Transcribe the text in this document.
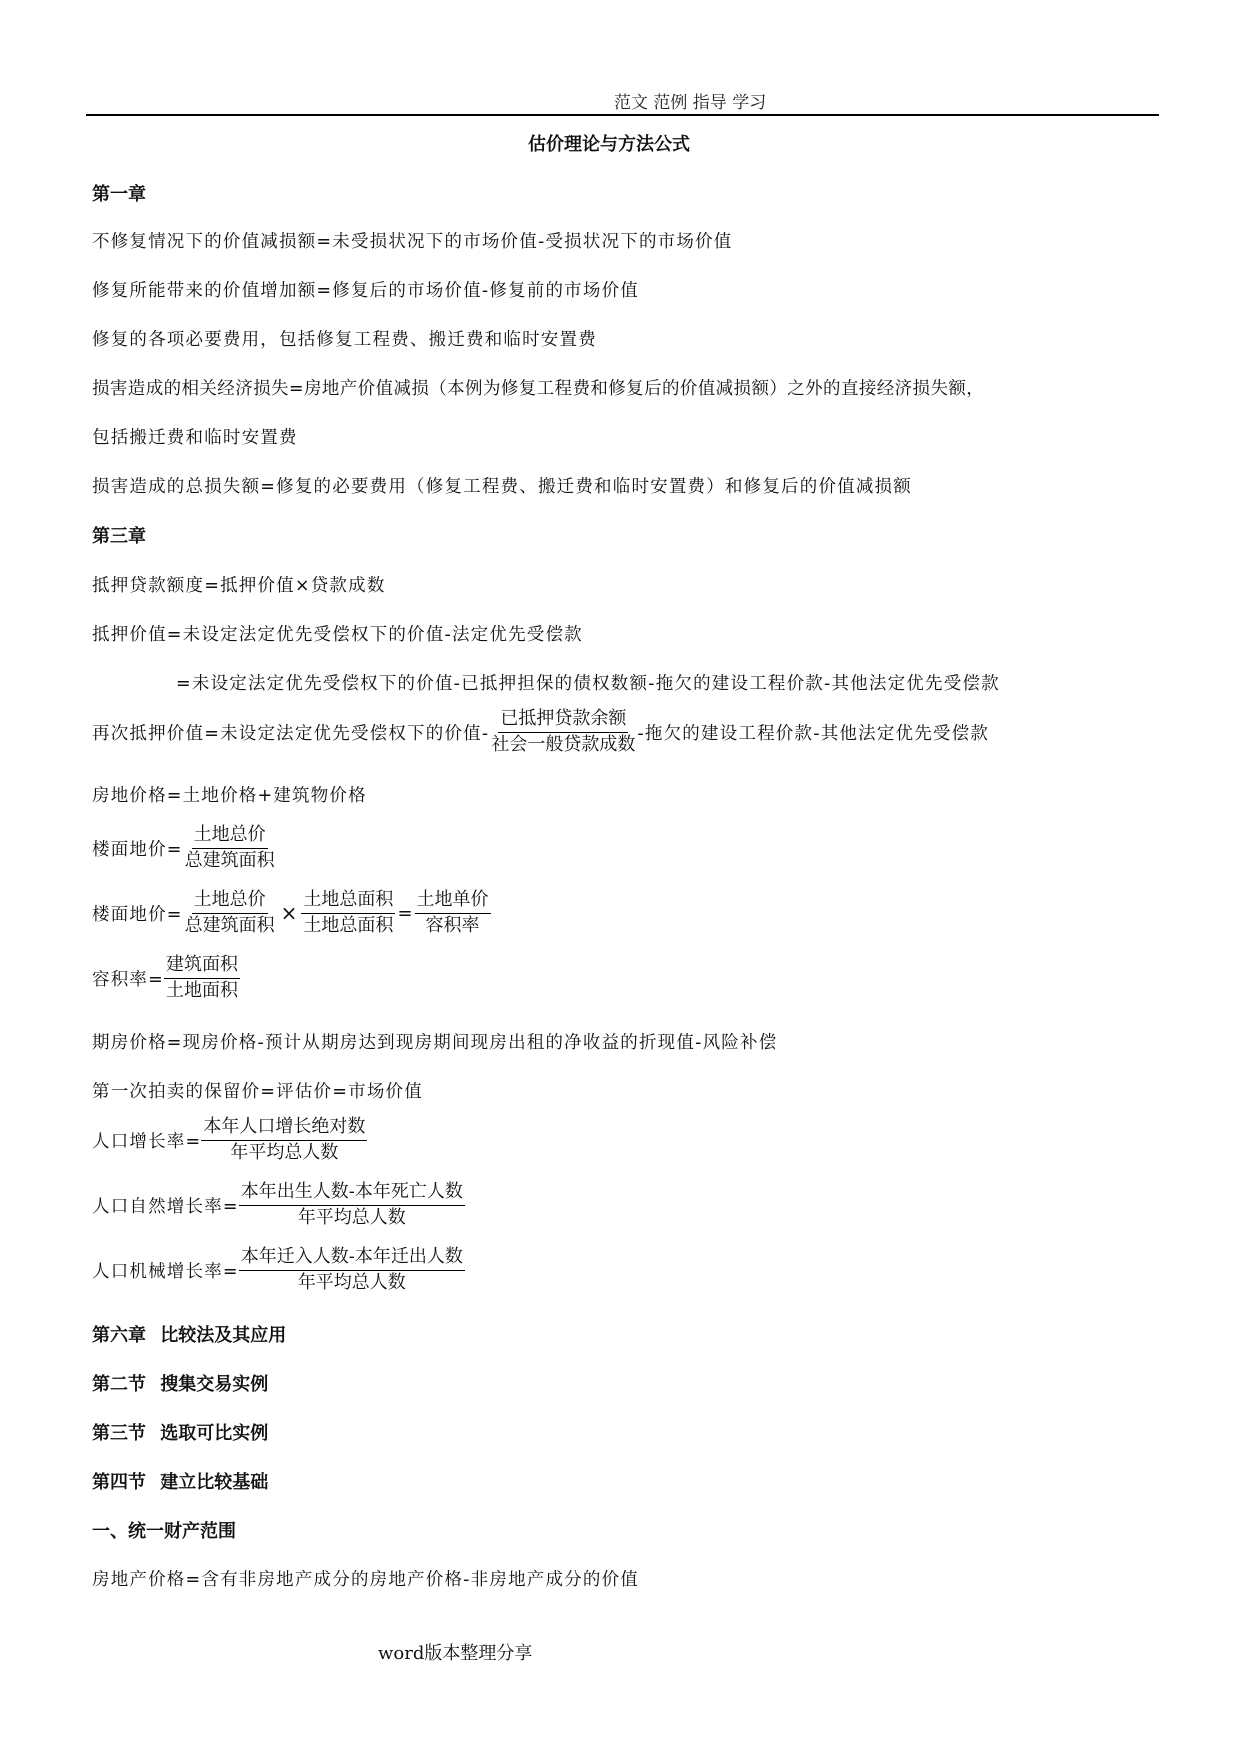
范文 范例 指导 学习
估价理论与方法公式
第一章
不修复情况下的价值减损额=未受损状况下的市场价值-受损状况下的市场价值
修复所能带来的价值增加额=修复后的市场价值-修复前的市场价值
修复的各项必要费用，包括修复工程费、搬迁费和临时安置费
损害造成的相关经济损失=房地产价值减损（本例为修复工程费和修复后的价值减损额）之外的直接经济损失额，
包括搬迁费和临时安置费
损害造成的总损失额=修复的必要费用（修复工程费、搬迁费和临时安置费）和修复后的价值减损额
第三章
抵押贷款额度=抵押价值×贷款成数
抵押价值=未设定法定优先受偿权下的价值-法定优先受偿款
=未设定法定优先受偿权下的价值-已抵押担保的债权数额-拖欠的建设工程价款-其他法定优先受偿款
再次抵押价值=未设定法定优先受偿权下的价值- $\frac{\text{已抵押贷款余额}}{\text{社会一般贷款成数}}$ -拖欠的建设工程价款-其他法定优先受偿款
房地价格=土地价格+建筑物价格
楼面地价= $\frac{\text{土地总价}}{\text{总建筑面积}}$
楼面地价= $\frac{\text{土地总价}}{\text{总建筑面积}} \times \frac{\text{土地总面积}}{\text{土地总面积}} = \frac{\text{土地单价}}{\text{容积率}}$
容积率= $\frac{\text{建筑面积}}{\text{土地面积}}$
期房价格=现房价格-预计从期房达到现房期间现房出租的净收益的折现值-风险补偿
第一次拍卖的保留价=评估价=市场价值
人口增长率= $\frac{\text{本年人口增长绝对数}}{\text{年平均总人数}}$
人口自然增长率= $\frac{\text{本年出生人数-本年死亡人数}}{\text{年平均总人数}}$
人口机械增长率= $\frac{\text{本年迁入人数-本年迁出人数}}{\text{年平均总人数}}$
第六章 比较法及其应用
第二节 搜集交易实例
第三节 选取可比实例
第四节 建立比较基础
一、统一财产范围
房地产价格=含有非房地产成分的房地产价格-非房地产成分的价值
word版本整理分享
